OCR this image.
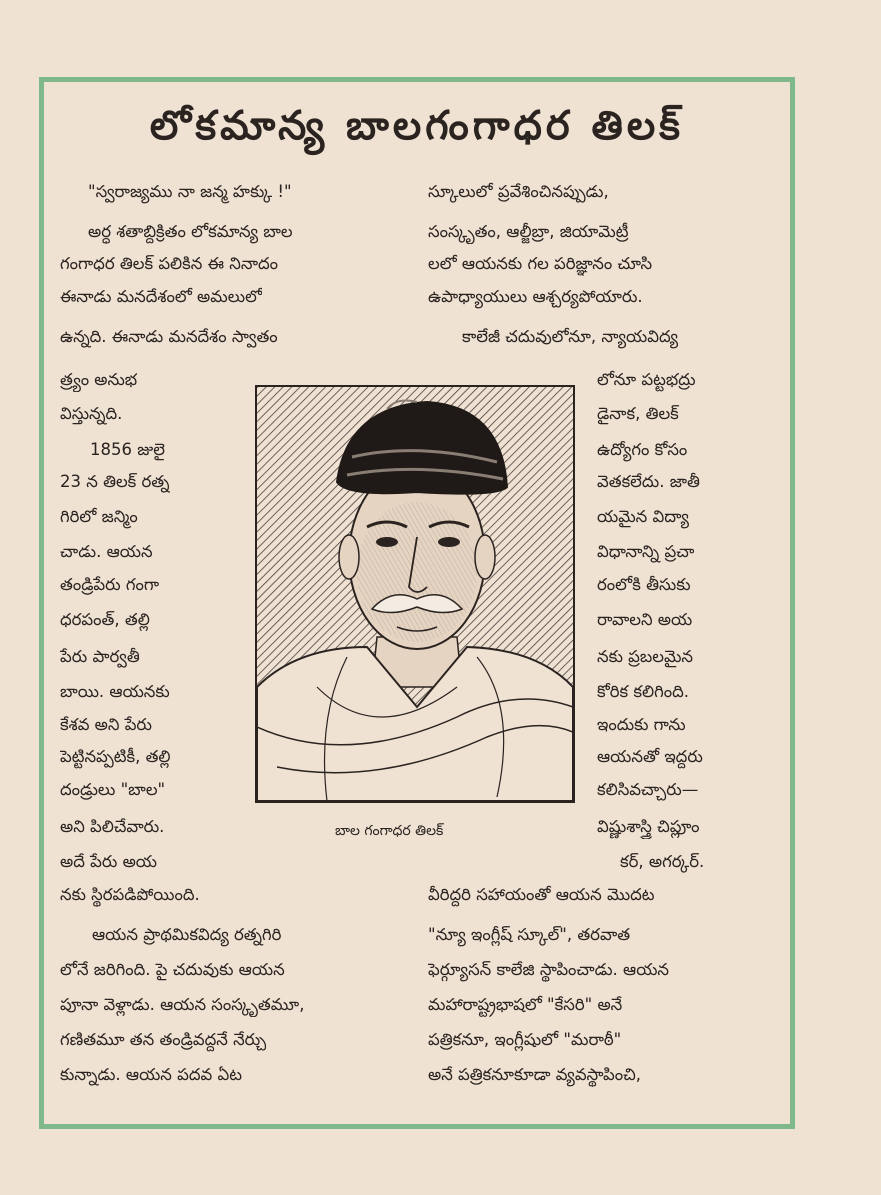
లోకమాన్య బాలగంగాధర తిలక్
"స్వరాజ్యము నా జన్మ హక్కు !"
అర్ధ శతాబ్దిక్రితం లోకమాన్య బాల
గంగాధర తిలక్ పలికిన ఈ నినాదం
ఈనాడు మనదేశంలో అమలులో
ఉన్నది. ఈనాడు మనదేశం స్వాతం
త్ర్యం అనుభ
విస్తున్నది.
1856 జులై
23 న తిలక్ రత్న
గిరిలో జన్మిం
చాడు. ఆయన
తండ్రిపేరు గంగా
ధరపంత్, తల్లి
పేరు పార్వతీ
బాయి. ఆయనకు
కేశవ అని పేరు
పెట్టినప్పటికీ, తల్లి
దండ్రులు "బాల"
అని పిలిచేవారు.
అదే పేరు అయ
నకు స్థిరపడిపోయింది.
ఆయన ప్రాథమికవిద్య రత్నగిరి
లోనే జరిగింది. పై చదువుకు ఆయన
పూనా వెళ్లాడు. ఆయన సంస్కృతమూ,
గణితమూ తన తండ్రివద్దనే నేర్చు
కున్నాడు. ఆయన పదవ ఏట
స్కూలులో ప్రవేశించినప్పుడు,
సంస్కృతం, ఆల్జీబ్రా, జియామెట్రీ
లలో ఆయనకు గల పరిజ్ఞానం చూసి
ఉపాధ్యాయులు ఆశ్చర్యపోయారు.
కాలేజీ చదువులోనూ, న్యాయవిద్య
లోనూ పట్టభద్రు
డైనాక, తిలక్
ఉద్యోగం కోసం
వెతకలేదు. జాతీ
యమైన విద్యా
విధానాన్ని ప్రచా
రంలోకి తీసుకు
రావాలని అయ
నకు ప్రబలమైన
కోరిక కలిగింది.
ఇందుకు గాను
ఆయనతో ఇద్దరు
కలిసివచ్చారు—
విష్ణుశాస్త్రి చిప్లూం
కర్, అగర్కర్.
వీరిద్దరి సహాయంతో ఆయన మొదట
"న్యూ ఇంగ్లీష్ స్కూల్", తరవాత
ఫెర్గ్యూసన్ కాలేజి స్థాపించాడు. ఆయన
మహారాష్ట్రభాషలో "కేసరి" అనే
పత్రికనూ, ఇంగ్లీషులో "మరాఠీ"
అనే పత్రికనూకూడా వ్యవస్థాపించి,
బాల గంగాధర తిలక్
